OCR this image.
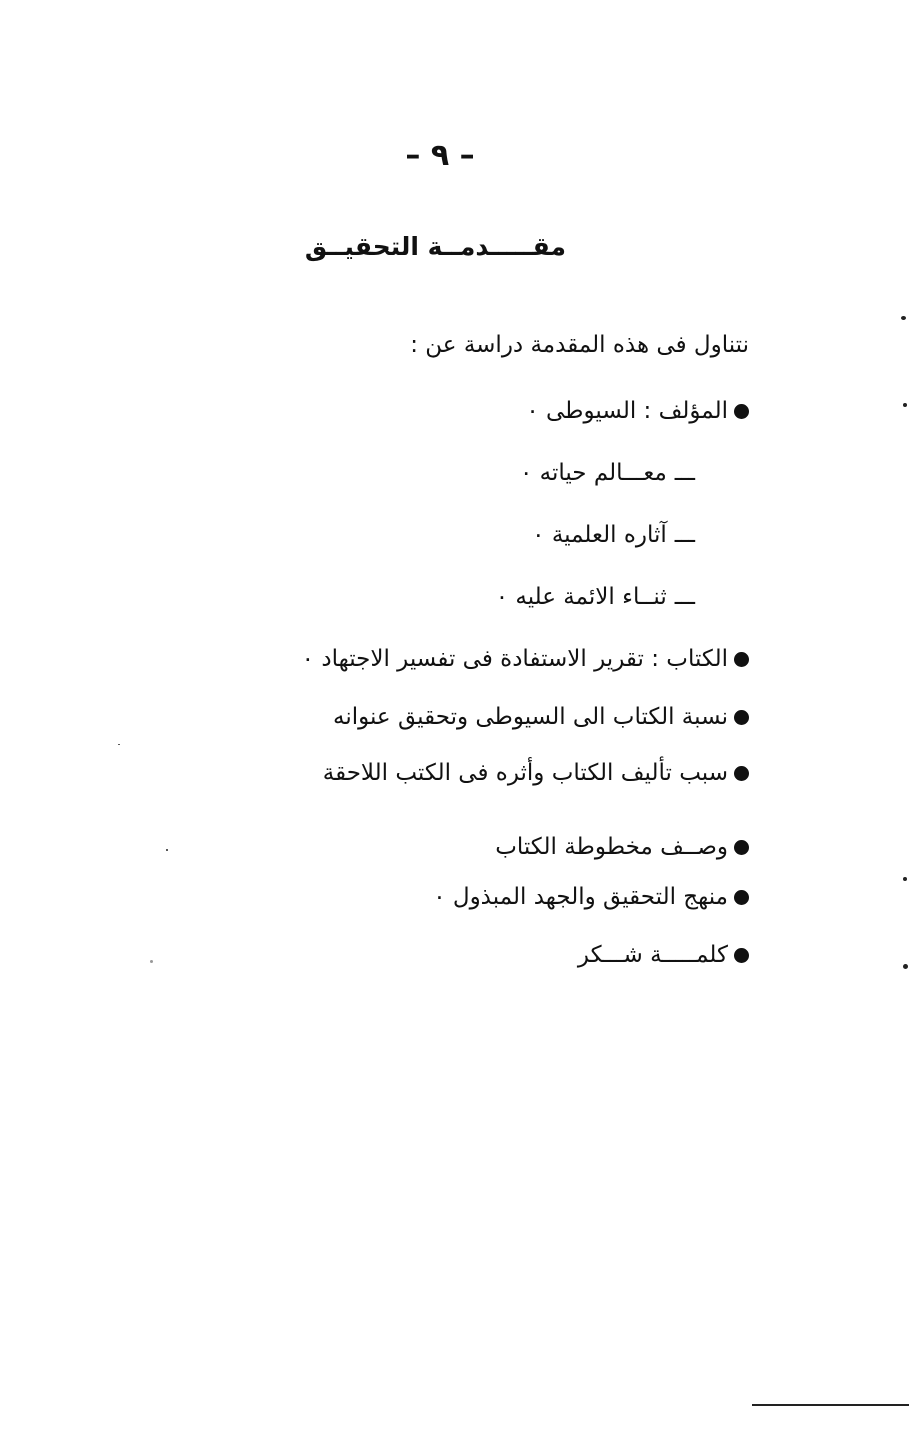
– ٩ –
مقـــــدمــة التحقيــق
نتناول فى هذه المقدمة دراسة عن :
المؤلف : السيوطى ٠
ـــمعـــالم حياته ٠
ـــآثاره العلمية ٠
ـــثنــاء الائمة عليه ٠
الكتاب : تقرير الاستفادة فى تفسير الاجتهاد ٠
نسبة الكتاب الى السيوطى وتحقيق عنوانه
سبب تأليف الكتاب وأثره فى الكتب اللاحقة
وصــف مخطوطة الكتاب
منهج التحقيق والجهد المبذول ٠
كلمـــــة شـــكر
